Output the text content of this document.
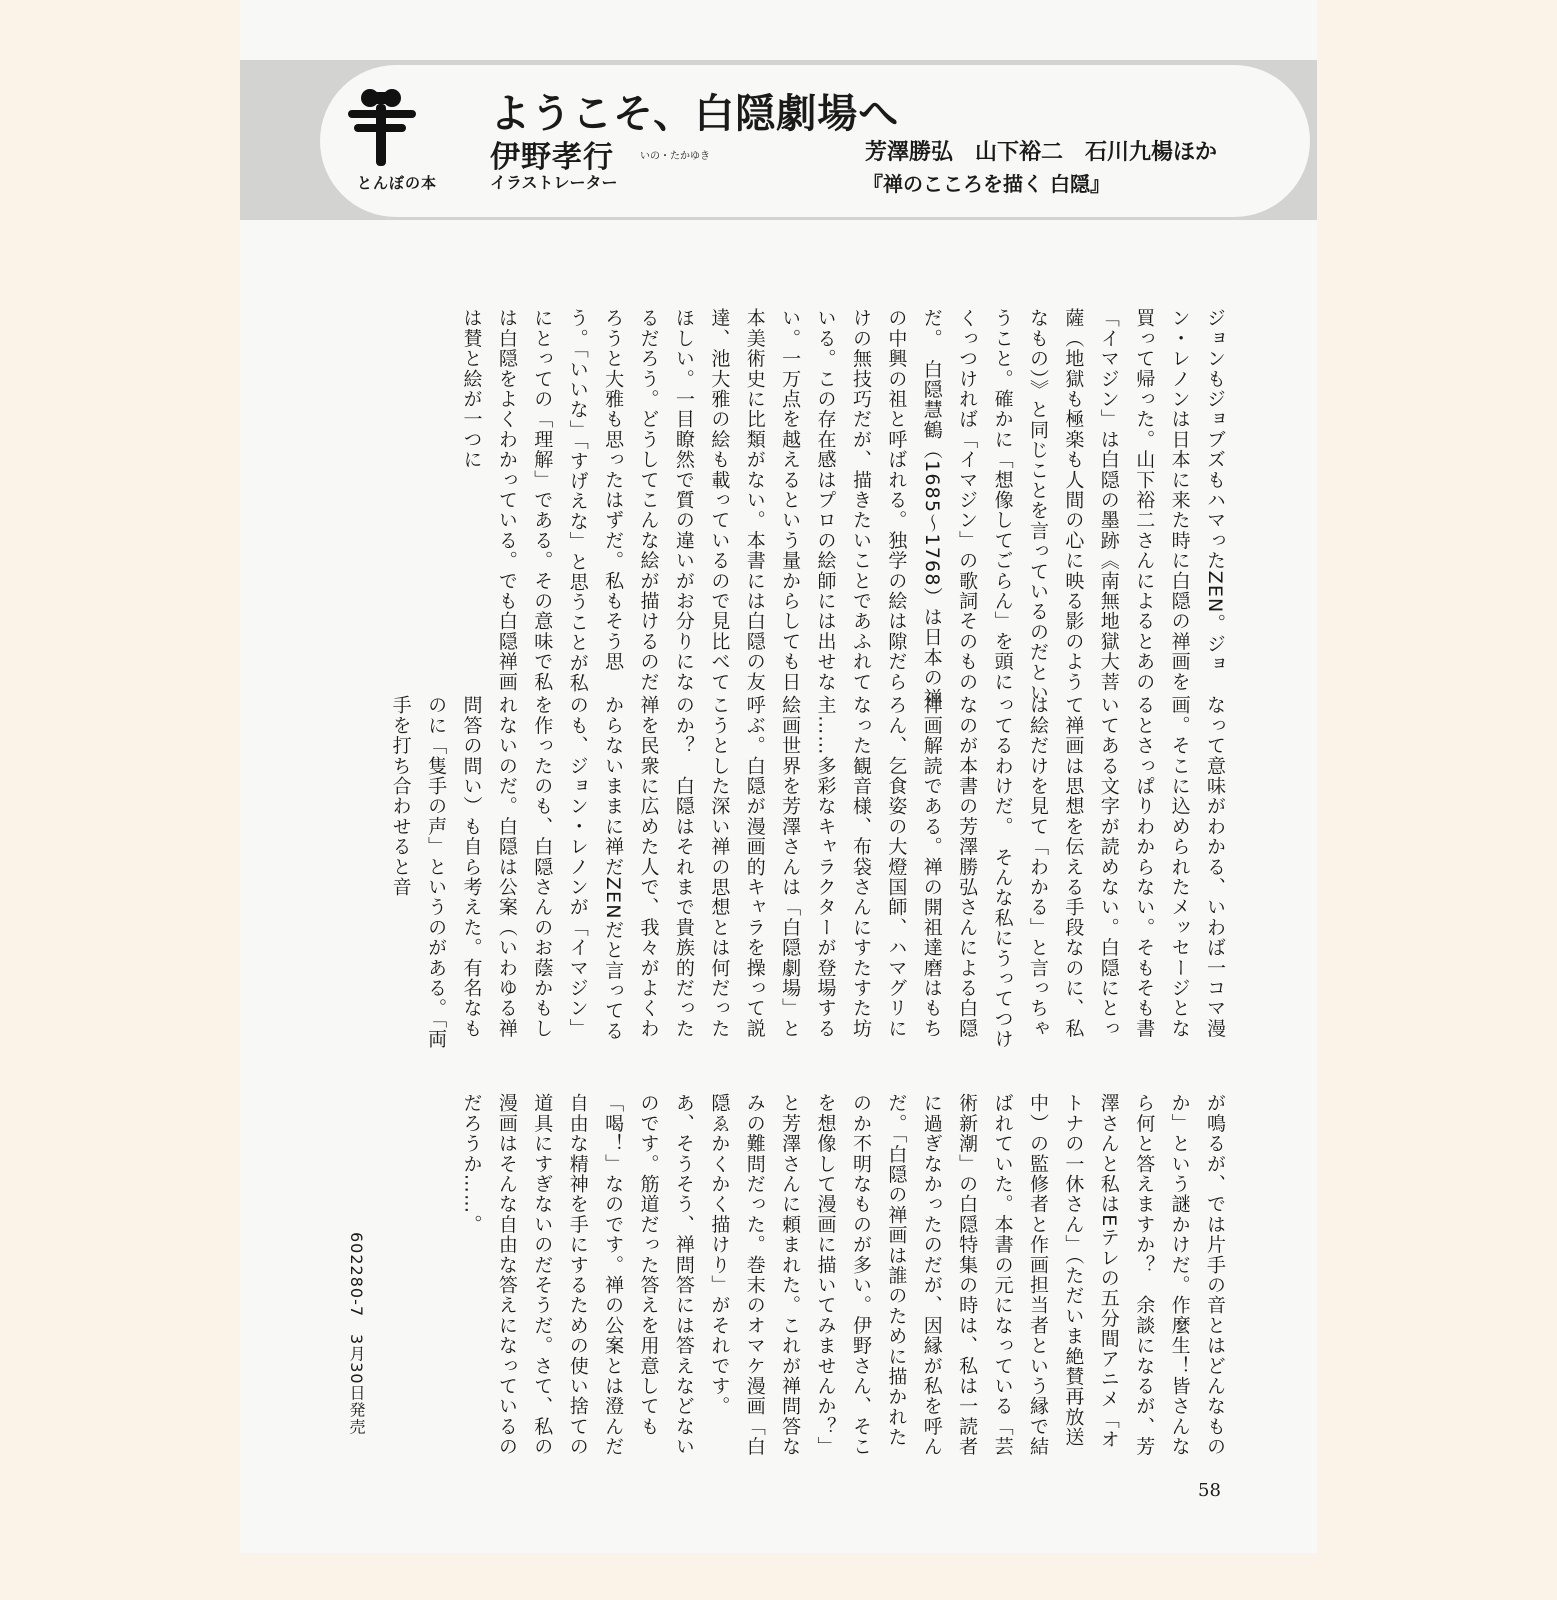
とんぼの本
ようこそ、白隠劇場へ
伊野孝行	いの・たかゆき
イラストレーター
芳澤勝弘　山下裕二　石川九楊ほか
『禅のこころを描く 白隠』
ジョンもジョブズもハマったZEN。ジョン・レノンは日本に来た時に白隠の禅画を買って帰った。山下裕二さんによるとあの「イマジン」は白隠の墨跡《南無地獄大菩薩（地獄も極楽も人間の心に映る影のようなもの）》と同じことを言っているのだということ。確かに「想像してごらん」を頭にくっつければ「イマジン」の歌詞そのものだ。　白隠慧鶴（1685～1768）は日本の禅の中興の祖と呼ばれる。独学の絵は隙だらけの無技巧だが、描きたいことであふれている。この存在感はプロの絵師には出せない。一万点を越えるという量からしても日本美術史に比類がない。本書には白隠の友達、池大雅の絵も載っているので見比べてほしい。一目瞭然で質の違いがお分りになるだろう。どうしてこんな絵が描けるのだろうと大雅も思ったはずだ。私もそう思う。「いいな」「すげえな」と思うことが私にとっての「理解」である。その意味で私は白隠をよくわかっている。でも白隠禅画は賛と絵が一つに
なって意味がわかる、いわば一コマ漫画。そこに込められたメッセージとなるとさっぱりわからない。そもそも書いてある文字が読めない。白隠にとって禅画は思想を伝える手段なのに、私は絵だけを見て「わかる」と言っちゃってるわけだ。　そんな私にうってつけなのが本書の芳澤勝弘さんによる白隠禅画解読である。禅の開祖達磨はもちろん、乞食姿の大燈国師、ハマグリになった観音様、布袋さんにすたすた坊主……多彩なキャラクターが登場する絵画世界を芳澤さんは「白隠劇場」と呼ぶ。白隠が漫画的キャラを操って説こうとした深い禅の思想とは何だったのか？　白隠はそれまで貴族的だった禅を民衆に広めた人で、我々がよくわからないままに禅だZENだと言ってるのも、ジョン・レノンが「イマジン」を作ったのも、白隠さんのお蔭かもしれないのだ。白隠は公案（いわゆる禅問答の問い）も自ら考えた。有名なものに「隻手の声」というのがある。「両手を打ち合わせると音
が鳴るが、では片手の音とはどんなものか」という謎かけだ。作麼生！皆さんなら何と答えますか？　余談になるが、芳澤さんと私はEテレの五分間アニメ「オトナの一休さん」（ただいま絶賛再放送中）の監修者と作画担当者という縁で結ばれていた。本書の元になっている「芸術新潮」の白隠特集の時は、私は一読者に過ぎなかったのだが、因縁が私を呼んだ。「白隠の禅画は誰のために描かれたのか不明なものが多い。伊野さん、そこを想像して漫画に描いてみませんか？」と芳澤さんに頼まれた。これが禅問答なみの難問だった。巻末のオマケ漫画「白隠ゑかくかく描けり」がそれです。　あ、そうそう、禅問答には答えなどないのです。筋道だった答えを用意しても「喝！」なのです。禅の公案とは澄んだ自由な精神を手にするための使い捨ての道具にすぎないのだそうだ。さて、私の漫画はそんな自由な答えになっているのだろうか……。
602280-7　3月30日発売
58
